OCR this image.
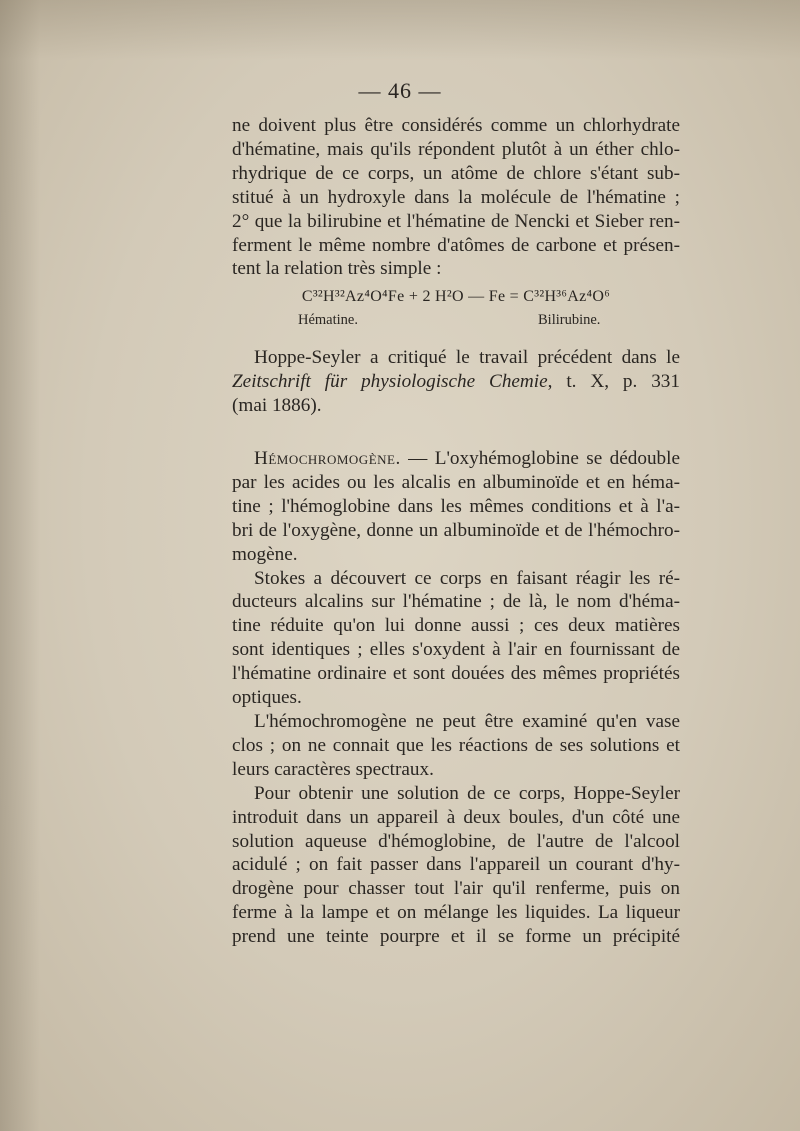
— 46 —
ne doivent plus être considérés comme un chlorhydrate
d'hématine, mais qu'ils répondent plutôt à un éther chlo-
rhydrique de ce corps, un atôme de chlore s'étant sub-
stitué à un hydroxyle dans la molécule de l'hématine ;
2° que la bilirubine et l'hématine de Nencki et Sieber ren-
ferment le même nombre d'atômes de carbone et présen-
tent la relation très simple :
C³²H³²Az⁴O⁴Fe + 2 H²O — Fe = C³²H³⁶Az⁴O⁶
Hématine.	Bilirubine.
Hoppe-Seyler a critiqué le travail précédent dans le
Zeitschrift für physiologische Chemie, t. X, p. 331
(mai 1886).
Hémochromogène. — L'oxyhémoglobine se dédouble
par les acides ou les alcalis en albuminoïde et en héma-
tine ; l'hémoglobine dans les mêmes conditions et à l'a-
bri de l'oxygène, donne un albuminoïde et de l'hémochro-
mogène.
Stokes a découvert ce corps en faisant réagir les ré-
ducteurs alcalins sur l'hématine ; de là, le nom d'héma-
tine réduite qu'on lui donne aussi ; ces deux matières
sont identiques ; elles s'oxydent à l'air en fournissant de
l'hématine ordinaire et sont douées des mêmes propriétés
optiques.
L'hémochromogène ne peut être examiné qu'en vase
clos ; on ne connait que les réactions de ses solutions et
leurs caractères spectraux.
Pour obtenir une solution de ce corps, Hoppe-Seyler
introduit dans un appareil à deux boules, d'un côté une
solution aqueuse d'hémoglobine, de l'autre de l'alcool
acidulé ; on fait passer dans l'appareil un courant d'hy-
drogène pour chasser tout l'air qu'il renferme, puis on
ferme à la lampe et on mélange les liquides. La liqueur
prend une teinte pourpre et il se forme un précipité
